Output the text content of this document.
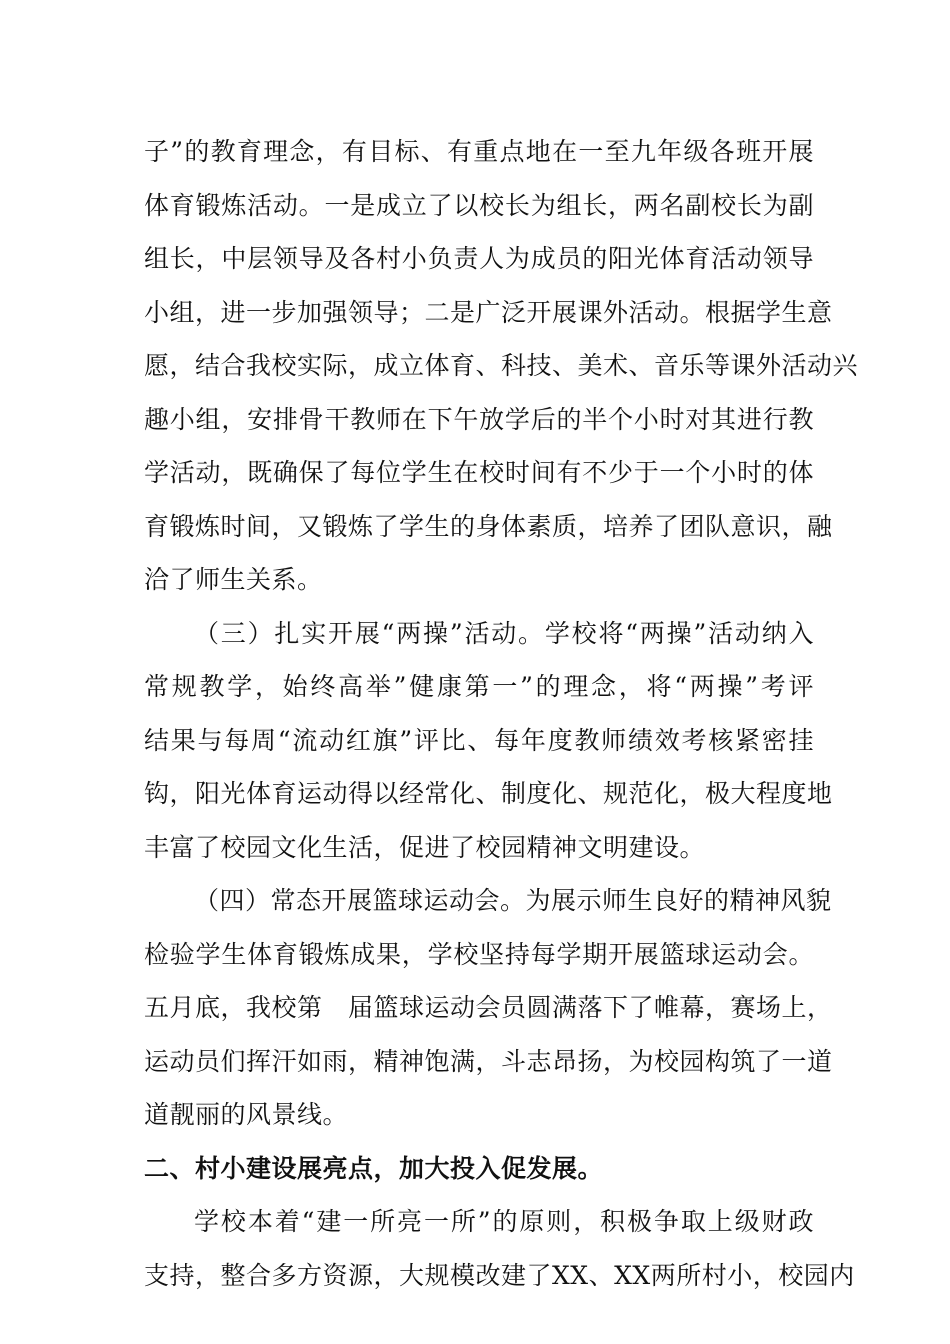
子”的教育理念，有目标、有重点地在一至九年级各班开展
体育锻炼活动。一是成立了以校长为组长，两名副校长为副
组长，中层领导及各村小负责人为成员的阳光体育活动领导
小组，进一步加强领导；二是广泛开展课外活动。根据学生意
愿，结合我校实际，成立体育、科技、美术、音乐等课外活动兴
趣小组，安排骨干教师在下午放学后的半个小时对其进行教
学活动，既确保了每位学生在校时间有不少于一个小时的体
育锻炼时间，又锻炼了学生的身体素质，培养了团队意识，融
洽了师生关系。
（三）扎实开展“两操”活动。学校将“两操”活动纳入
常规教学，始终高举”健康第一”的理念，将“两操”考评
结果与每周“流动红旗”评比、每年度教师绩效考核紧密挂
钩，阳光体育运动得以经常化、制度化、规范化，极大程度地
丰富了校园文化生活，促进了校园精神文明建设。
（四）常态开展篮球运动会。为展示师生良好的精神风貌
检验学生体育锻炼成果，学校坚持每学期开展篮球运动会。
五月底，我校第　届篮球运动会员圆满落下了帷幕，赛场上，
运动员们挥汗如雨，精神饱满，斗志昂扬，为校园构筑了一道
道靓丽的风景线。
二、村小建设展亮点，加大投入促发展。
学校本着“建一所亮一所”的原则，积极争取上级财政
支持，整合多方资源，大规模改建了XX、XX两所村小，校园内
